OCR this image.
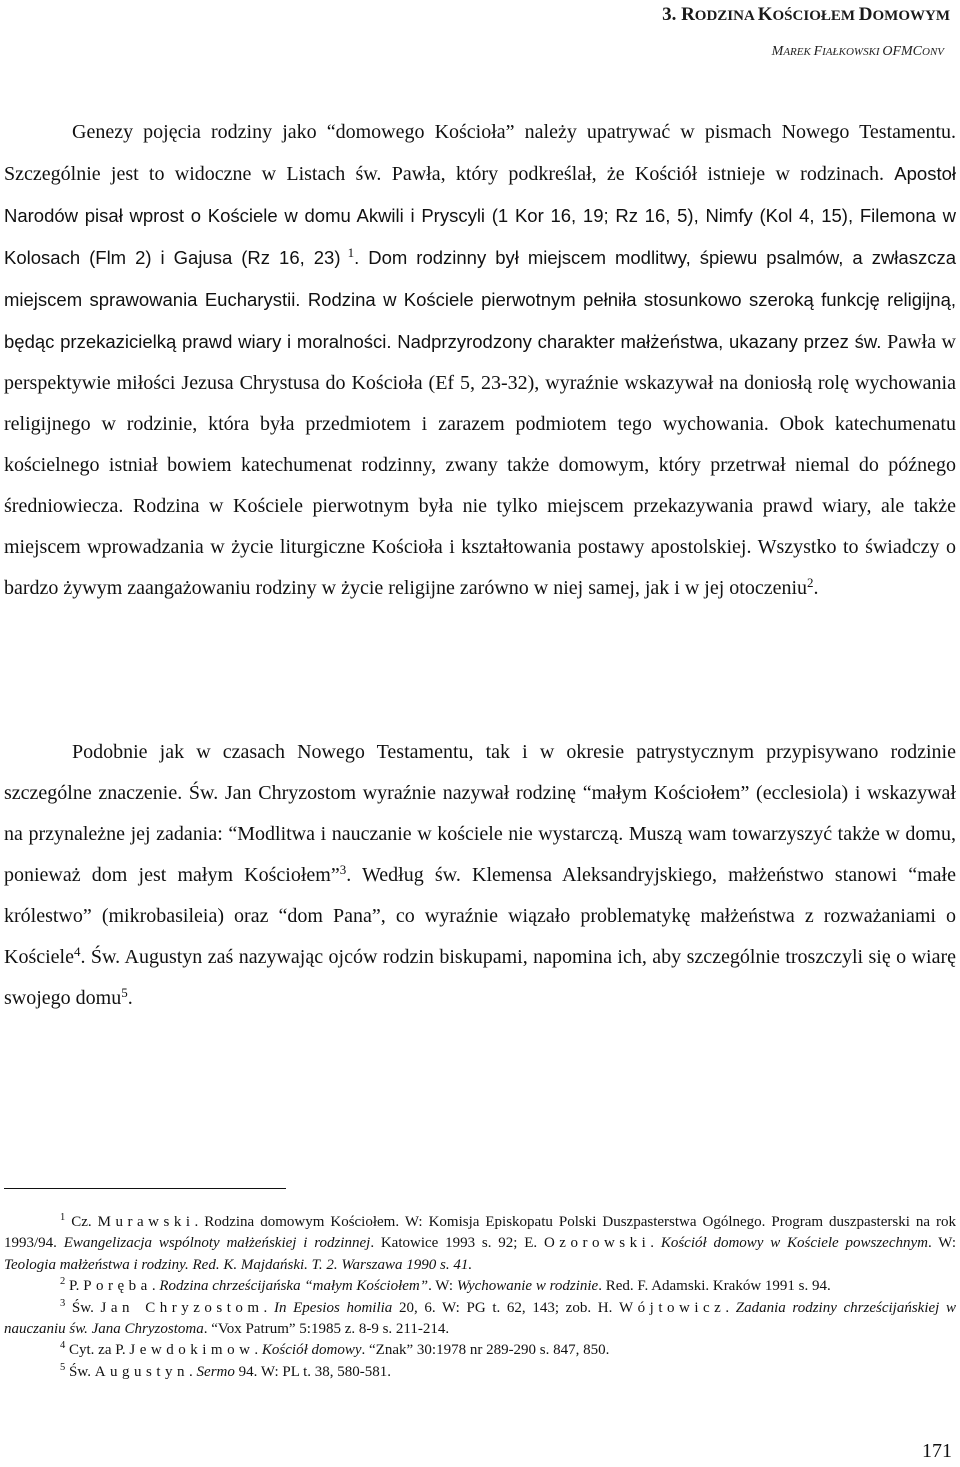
3. RODZINA KOŚCIOŁEM DOMOWYM
MAREK FIAŁKOWSKI OFMCONV

Genezy pojęcia rodziny jako “domowego Kościoła” należy upatrywać w pismach Nowego Testamentu. Szczególnie jest to widoczne w Listach św. Pawła, który podkreślał, że Kościół istnieje w rodzinach. Apostoł Narodów pisał wprost o Kościele w domu Akwili i Pryscyli (1 Kor 16, 19; Rz 16, 5), Nimfy (Kol 4, 15), Filemona w Kolosach (Flm 2) i Gajusa (Rz 16, 23) $^1$. Dom rodzinny był miejscem modlitwy, śpiewu psalmów, a zwłaszcza miejscem sprawowania Eucharystii. Rodzina w Kościele pierwotnym pełniła stosunkowo szeroką funkcję religijną, będąc przekazicielką prawd wiary i moralności. Nadprzyrodzony charakter małżeństwa, ukazany przez św. Pawła w perspektywie miłości Jezusa Chrystusa do Kościoła (Ef 5, 23-32), wyraźnie wskazywał na doniosłą rolę wychowania religijnego w rodzinie, która była przedmiotem i zarazem podmiotem tego wychowania. Obok katechumenatu kościelnego istniał bowiem katechumenat rodzinny, zwany także domowym, który przetrwał niemal do późnego średniowiecza. Rodzina w Kościele pierwotnym była nie tylko miejscem przekazywania prawd wiary, ale także miejscem wprowadzania w życie liturgiczne Kościoła i kształtowania postawy apostolskiej. Wszystko to świadczy o bardzo żywym zaangażowaniu rodziny w życie religijne zarówno w niej samej, jak i w jej otoczeniu$^2$.

Podobnie jak w czasach Nowego Testamentu, tak i w okresie patrystycznym przypisywano rodzinie szczególne znaczenie. Św. Jan Chryzostom wyraźnie nazywał rodzinę “małym Kościołem” (ecclesiola) i wskazywał na przynależne jej zadania: “Modlitwa i nauczanie w kościele nie wystarczą. Muszą wam towarzyszyć także w domu, ponieważ dom jest małym Kościołem”$^3$. Według św. Klemensa Aleksandryjskiego, małżeństwo stanowi “małe królestwo” (mikrobasileia) oraz “dom Pana”, co wyraźnie wiązało problematykę małżeństwa z rozważaniami o Kościele$^4$. Św. Augustyn zaś nazywając ojców rodzin biskupami, napomina ich, aby szczególnie troszczyli się o wiarę swojego domu$^5$.

$^1$ Cz. Murawski. Rodzina domowym Kościołem. W: Komisja Episkopatu Polski Duszpasterstwa Ogólnego. Program duszpasterski na rok 1993/94. Ewangelizacja wspólnoty małżeńskiej i rodzinnej. Katowice 1993 s. 92; E. Ozorowski. Kościół domowy w Kościele powszechnym. W: Teologia małżeństwa i rodziny. Red. K. Majdański. T. 2. Warszawa 1990 s. 41.

$^2$ P. Poręba. Rodzina chrześcijańska “małym Kościołem”. W: Wychowanie w rodzinie. Red. F. Adamski. Kraków 1991 s. 94.

$^3$ Św. Jan Chryzostom. In Epesios homilia 20, 6. W: PG t. 62, 143; zob. H. Wójtowicz. Zadania rodziny chrześcijańskiej w nauczaniu św. Jana Chryzostoma. “Vox Patrum” 5:1985 z. 8-9 s. 211-214.

$^4$ Cyt. za P. Jewdokimow. Kościół domowy. “Znak” 30:1978 nr 289-290 s. 847, 850.

$^5$ Św. Augustyn. Sermo 94. W: PL t. 38, 580-581.

171
